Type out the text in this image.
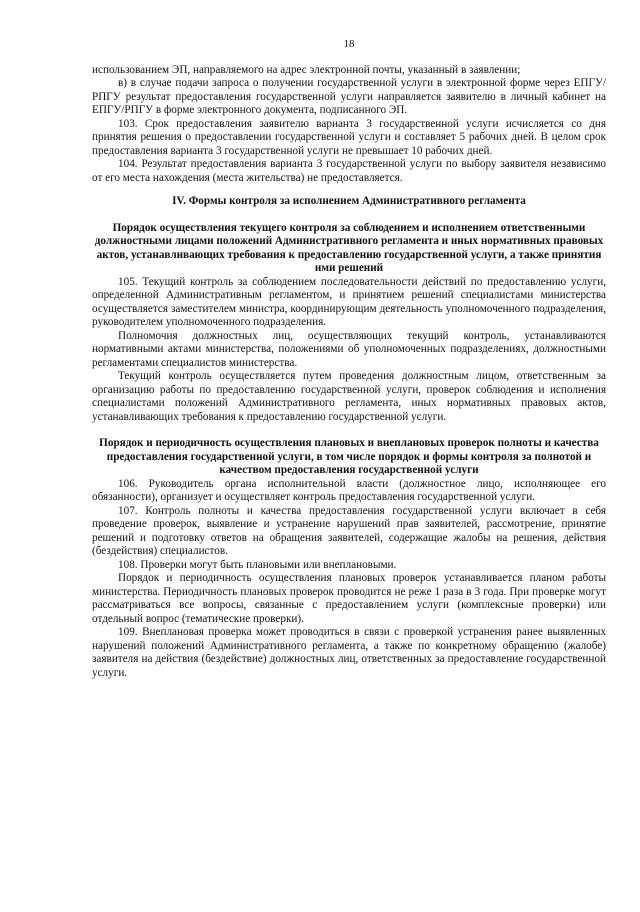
18

использованием ЭП, направляемого на адрес электронной почты, указанный в заявлении;

в) в случае подачи запроса о получении государственной услуги в электронной форме через ЕПГУ/РПГУ результат предоставления государственной услуги направляется заявителю в личный кабинет на ЕПГУ/РПГУ в форме электронного документа, подписанного ЭП.

103. Срок предоставления заявителю варианта 3 государственной услуги исчисляется со дня принятия решения о предоставлении государственной услуги и составляет 5 рабочих дней. В целом срок предоставления варианта 3 государственной услуги не превышает 10 рабочих дней.

104. Результат предоставления варианта 3 государственной услуги по выбору заявителя независимо от его места нахождения (места жительства) не предоставляется.

IV. Формы контроля за исполнением Административного регламента
Порядок осуществления текущего контроля за соблюдением и исполнением ответственными должностными лицами положений Административного регламента и иных нормативных правовых актов, устанавливающих требования к предоставлению государственной услуги, а также принятия ими решений

105. Текущий контроль за соблюдением последовательности действий по предоставлению услуги, определенной Административным регламентом, и принятием решений специалистами министерства осуществляется заместителем министра, координирующим деятельность уполномоченного подразделения, руководителем уполномоченного подразделения.

Полномочия должностных лиц, осуществляющих текущий контроль, устанавливаются нормативными актами министерства, положениями об уполномоченных подразделениях, должностными регламентами специалистов министерства.

Текущий контроль осуществляется путем проведения должностным лицом, ответственным за организацию работы по предоставлению государственной услуги, проверок соблюдения и исполнения специалистами положений Административного регламента, иных нормативных правовых актов, устанавливающих требования к предоставлению государственной услуги.

Порядок и периодичность осуществления плановых и внеплановых проверок полноты и качества предоставления государственной услуги, в том числе порядок и формы контроля за полнотой и качеством предоставления государственной услуги

106. Руководитель органа исполнительной власти (должностное лицо, исполняющее его обязанности), организует и осуществляет контроль предоставления государственной услуги.

107. Контроль полноты и качества предоставления государственной услуги включает в себя проведение проверок, выявление и устранение нарушений прав заявителей, рассмотрение, принятие решений и подготовку ответов на обращения заявителей, содержащие жалобы на решения, действия (бездействия) специалистов.

108. Проверки могут быть плановыми или внеплановыми.

Порядок и периодичность осуществления плановых проверок устанавливается планом работы министерства. Периодичность плановых проверок проводится не реже 1 раза в 3 года. При проверке могут рассматриваться все вопросы, связанные с предоставлением услуги (комплексные проверки) или отдельный вопрос (тематические проверки).

109. Внеплановая проверка может проводиться в связи с проверкой устранения ранее выявленных нарушений положений Административного регламента, а также по конкретному обращению (жалобе) заявителя на действия (бездействие) должностных лиц, ответственных за предоставление государственной услуги.
